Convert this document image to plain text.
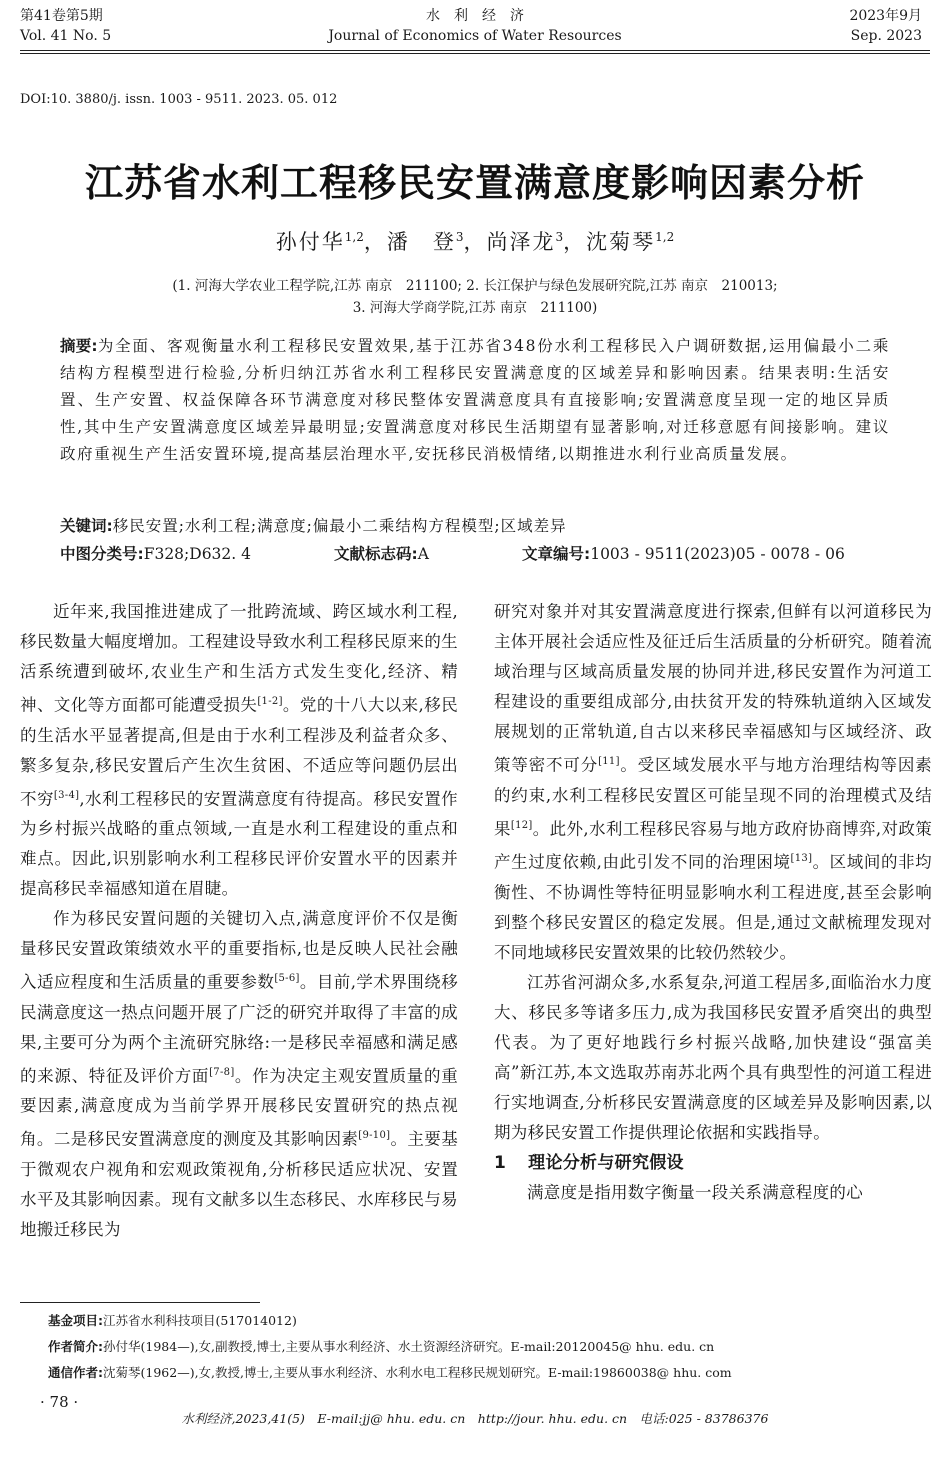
第41卷第5期
Vol. 41 No. 5
水　利　经　济
Journal of Economics of Water Resources
2023年9月
Sep. 2023
DOI:10. 3880/j. issn. 1003 - 9511. 2023. 05. 012
江苏省水利工程移民安置满意度影响因素分析
孙付华$^{1,2}$，潘　登$^3$，尚泽龙$^3$，沈菊琴$^{1,2}$
(1. 河海大学农业工程学院,江苏 南京　211100; 2. 长江保护与绿色发展研究院,江苏 南京　210013;
3. 河海大学商学院,江苏 南京　211100)
摘要:为全面、客观衡量水利工程移民安置效果,基于江苏省348份水利工程移民入户调研数据,运用偏最小二乘结构方程模型进行检验,分析归纳江苏省水利工程移民安置满意度的区域差异和影响因素。结果表明:生活安置、生产安置、权益保障各环节满意度对移民整体安置满意度具有直接影响;安置满意度呈现一定的地区异质性,其中生产安置满意度区域差异最明显;安置满意度对移民生活期望有显著影响,对迁移意愿有间接影响。建议政府重视生产生活安置环境,提高基层治理水平,安抚移民消极情绪,以期推进水利行业高质量发展。
关键词:移民安置;水利工程;满意度;偏最小二乘结构方程模型;区域差异
中图分类号:F328;D632. 4	文献标志码:A	文章编号:1003 - 9511(2023)05 - 0078 - 06

近年来,我国推进建成了一批跨流域、跨区域水利工程,移民数量大幅度增加。工程建设导致水利工程移民原来的生活系统遭到破坏,农业生产和生活方式发生变化,经济、精神、文化等方面都可能遭受损失[1-2]。党的十八大以来,移民的生活水平显著提高,但是由于水利工程涉及利益者众多、繁多复杂,移民安置后产生次生贫困、不适应等问题仍层出不穷[3-4],水利工程移民的安置满意度有待提高。移民安置作为乡村振兴战略的重点领域,一直是水利工程建设的重点和难点。因此,识别影响水利工程移民评价安置水平的因素并提高移民幸福感知道在眉睫。

作为移民安置问题的关键切入点,满意度评价不仅是衡量移民安置政策绩效水平的重要指标,也是反映人民社会融入适应程度和生活质量的重要参数[5-6]。目前,学术界围绕移民满意度这一热点问题开展了广泛的研究并取得了丰富的成果,主要可分为两个主流研究脉络:一是移民幸福感和满足感的来源、特征及评价方面[7-8]。作为决定主观安置质量的重要因素,满意度成为当前学界开展移民安置研究的热点视角。二是移民安置满意度的测度及其影响因素[9-10]。主要基于微观农户视角和宏观政策视角,分析移民适应状况、安置水平及其影响因素。现有文献多以生态移民、水库移民与易地搬迁移民为

研究对象并对其安置满意度进行探索,但鲜有以河道移民为主体开展社会适应性及征迁后生活质量的分析研究。随着流域治理与区域高质量发展的协同并进,移民安置作为河道工程建设的重要组成部分,由扶贫开发的特殊轨道纳入区域发展规划的正常轨道,自古以来移民幸福感知与区域经济、政策等密不可分[11]。受区域发展水平与地方治理结构等因素的约束,水利工程移民安置区可能呈现不同的治理模式及结果[12]。此外,水利工程移民容易与地方政府协商博弈,对政策产生过度依赖,由此引发不同的治理困境[13]。区域间的非均衡性、不协调性等特征明显影响水利工程进度,甚至会影响到整个移民安置区的稳定发展。但是,通过文献梳理发现对不同地域移民安置效果的比较仍然较少。

江苏省河湖众多,水系复杂,河道工程居多,面临治水力度大、移民多等诸多压力,成为我国移民安置矛盾突出的典型代表。为了更好地践行乡村振兴战略,加快建设“强富美高”新江苏,本文选取苏南苏北两个具有典型性的河道工程进行实地调查,分析移民安置满意度的区域差异及影响因素,以期为移民安置工作提供理论依据和实践指导。

1 理论分析与研究假设

满意度是指用数字衡量一段关系满意程度的心

基金项目:江苏省水利科技项目(517014012)
作者简介:孙付华(1984—),女,副教授,博士,主要从事水利经济、水土资源经济研究。E-mail:20120045@ hhu. edu. cn
通信作者:沈菊琴(1962—),女,教授,博士,主要从事水利经济、水利水电工程移民规划研究。E-mail:19860038@ hhu. com
· 78 ·
水利经济,2023,41(5)　E-mail:jj@ hhu. edu. cn　http://jour. hhu. edu. cn　电话:025 - 83786376
